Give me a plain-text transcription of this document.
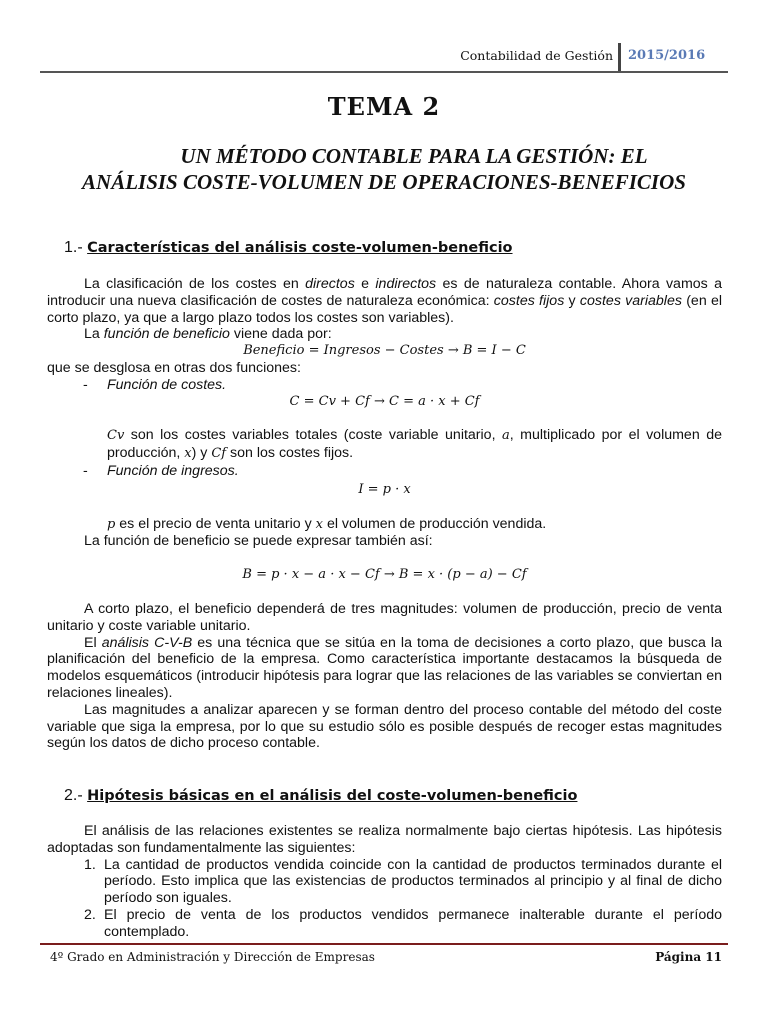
Contabilidad de Gestión 2015/2016
TEMA 2
UN MÉTODO CONTABLE PARA LA GESTIÓN: EL
ANÁLISIS COSTE-VOLUMEN DE OPERACIONES-BENEFICIOS
1.- Características del análisis coste-volumen-beneficio

La clasificación de los costes en directos e indirectos es de naturaleza contable. Ahora vamos a introducir una nueva clasificación de costes de naturaleza económica: costes fijos y costes variables (en el corto plazo, ya que a largo plazo todos los costes son variables).

La función de beneficio viene dada por:

Beneficio = Ingresos − Costes → B = I − C

que se desglosa en otras dos funciones:

- Función de costes.

C = Cv + Cf → C = a · x + Cf

Cv son los costes variables totales (coste variable unitario, a, multiplicado por el volumen de producción, x) y Cf son los costes fijos.

- Función de ingresos.

I = p · x

p es el precio de venta unitario y x el volumen de producción vendida.

La función de beneficio se puede expresar también así:

B = p · x − a · x − Cf → B = x · (p − a) − Cf

A corto plazo, el beneficio dependerá de tres magnitudes: volumen de producción, precio de venta unitario y coste variable unitario.

El análisis C-V-B es una técnica que se sitúa en la toma de decisiones a corto plazo, que busca la planificación del beneficio de la empresa. Como característica importante destacamos la búsqueda de modelos esquemáticos (introducir hipótesis para lograr que las relaciones de las variables se conviertan en relaciones lineales).

Las magnitudes a analizar aparecen y se forman dentro del proceso contable del método del coste variable que siga la empresa, por lo que su estudio sólo es posible después de recoger estas magnitudes según los datos de dicho proceso contable.

2.- Hipótesis básicas en el análisis del coste-volumen-beneficio

El análisis de las relaciones existentes se realiza normalmente bajo ciertas hipótesis. Las hipótesis adoptadas son fundamentalmente las siguientes:

1. La cantidad de productos vendida coincide con la cantidad de productos terminados durante el período. Esto implica que las existencias de productos terminados al principio y al final de dicho período son iguales.

2. El precio de venta de los productos vendidos permanece inalterable durante el período contemplado.

4º Grado en Administración y Dirección de Empresas	Página 11
